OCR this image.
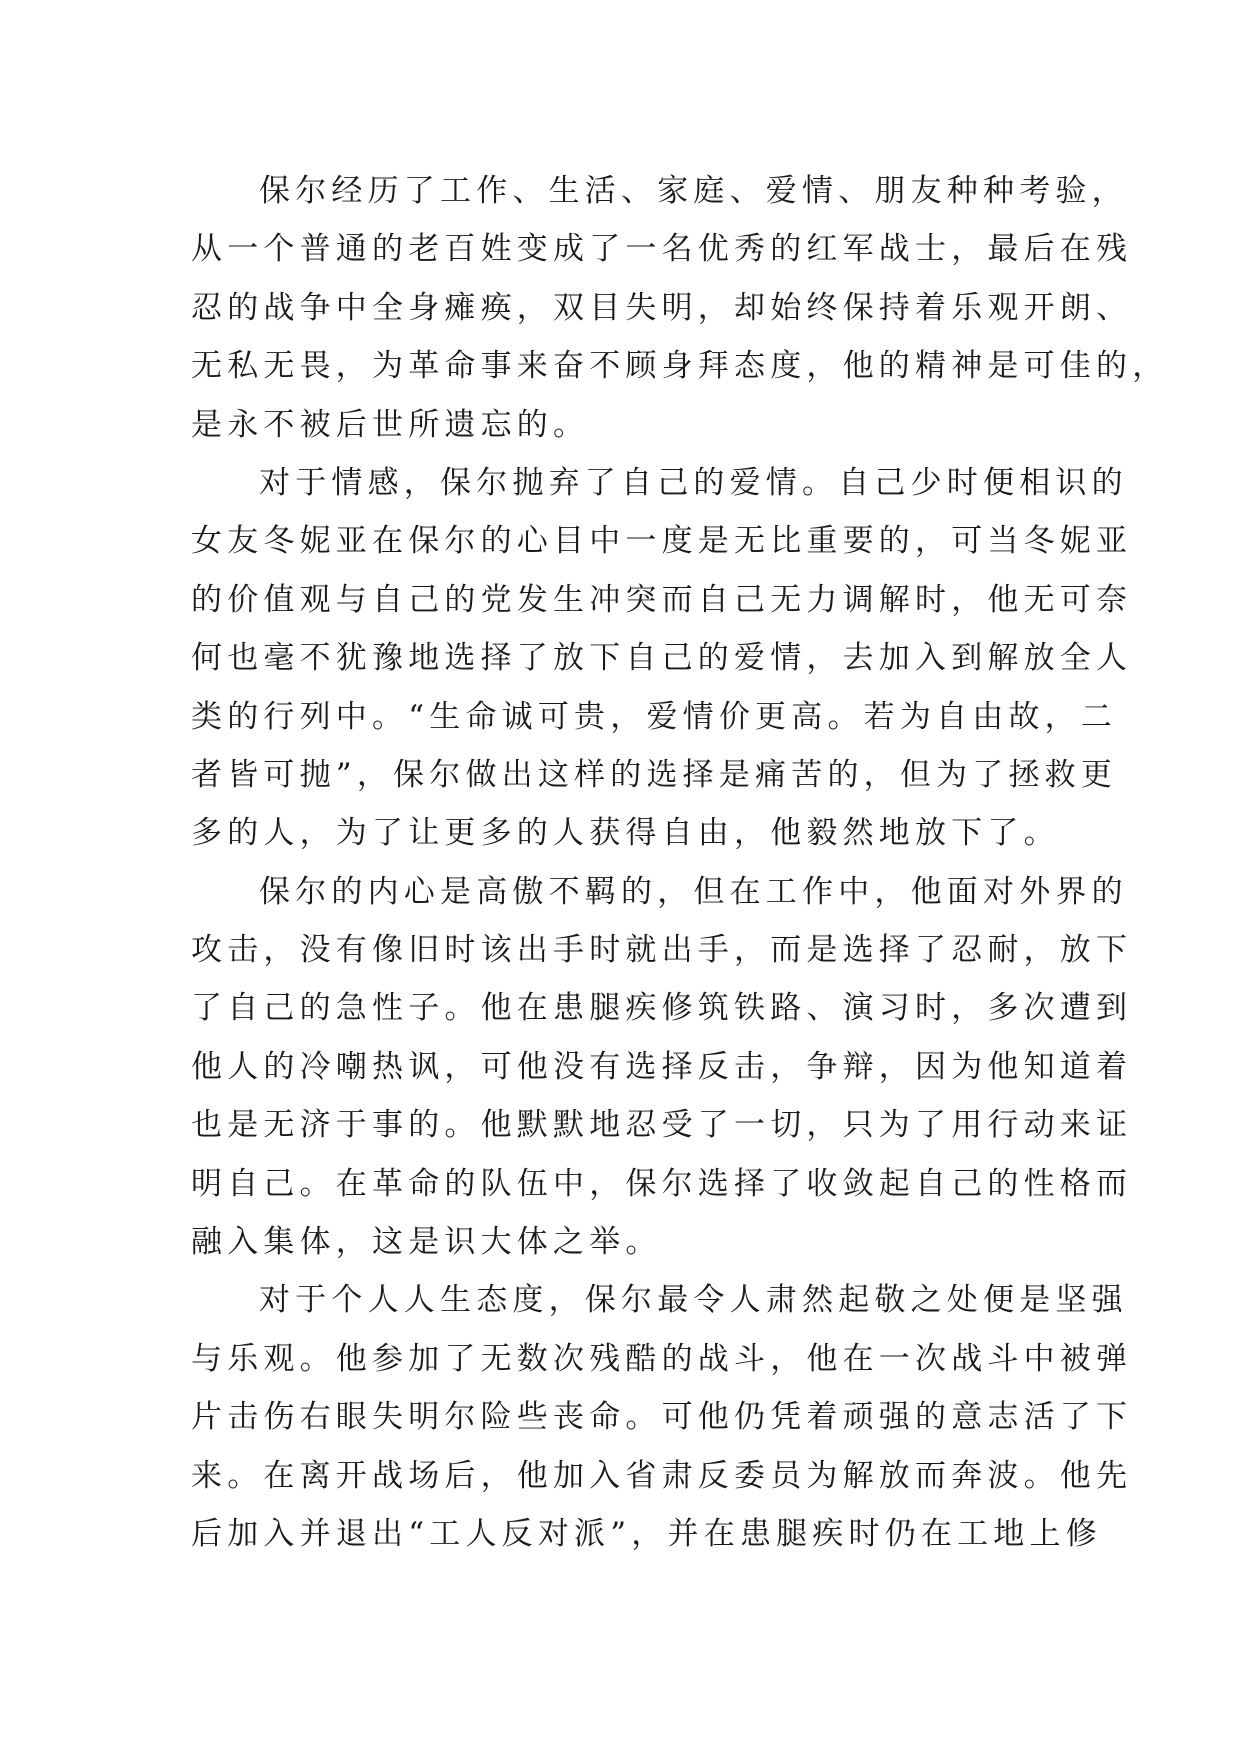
保尔经历了工作、生活、家庭、爱情、朋友种种考验，
从一个普通的老百姓变成了一名优秀的红军战士，最后在残
忍的战争中全身瘫痪，双目失明，却始终保持着乐观开朗、
无私无畏，为革命事来奋不顾身拜态度，他的精神是可佳的，
是永不被后世所遗忘的。
对于情感，保尔抛弃了自己的爱情。自己少时便相识的
女友冬妮亚在保尔的心目中一度是无比重要的，可当冬妮亚
的价值观与自己的党发生冲突而自己无力调解时，他无可奈
何也毫不犹豫地选择了放下自己的爱情，去加入到解放全人
类的行列中。“生命诚可贵，爱情价更高。若为自由故，二
者皆可抛”，保尔做出这样的选择是痛苦的，但为了拯救更
多的人，为了让更多的人获得自由，他毅然地放下了。
保尔的内心是高傲不羁的，但在工作中，他面对外界的
攻击，没有像旧时该出手时就出手，而是选择了忍耐，放下
了自己的急性子。他在患腿疾修筑铁路、演习时，多次遭到
他人的冷嘲热讽，可他没有选择反击，争辩，因为他知道着
也是无济于事的。他默默地忍受了一切，只为了用行动来证
明自己。在革命的队伍中，保尔选择了收敛起自己的性格而
融入集体，这是识大体之举。
对于个人人生态度，保尔最令人肃然起敬之处便是坚强
与乐观。他参加了无数次残酷的战斗，他在一次战斗中被弹
片击伤右眼失明尔险些丧命。可他仍凭着顽强的意志活了下
来。在离开战场后，他加入省肃反委员为解放而奔波。他先
后加入并退出“工人反对派”，并在患腿疾时仍在工地上修
